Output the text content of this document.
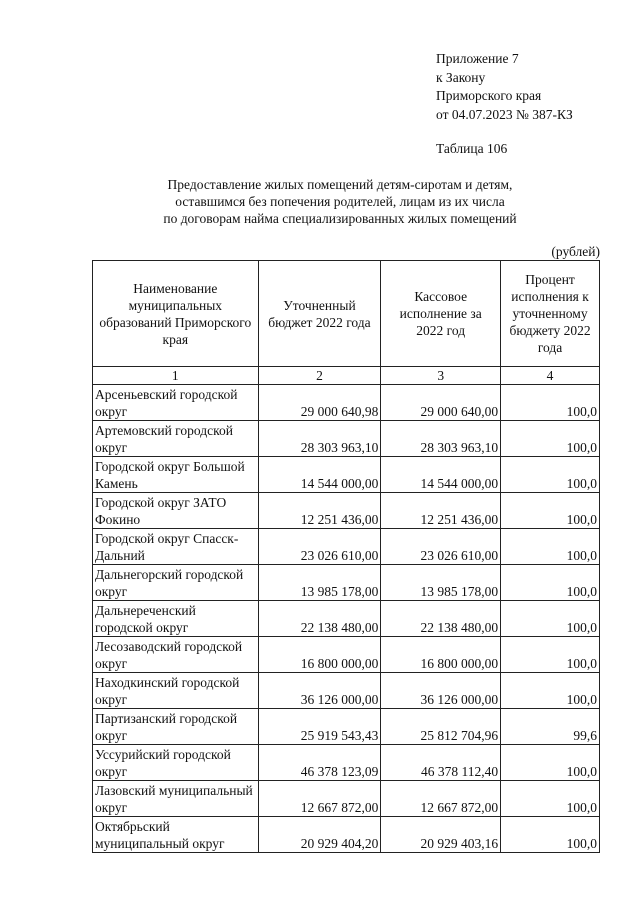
Приложение 7
к Закону
Приморского края
от 04.07.2023 № 387-КЗ
Таблица 106
Предоставление жилых помещений детям-сиротам и детям,
оставшимся без попечения родителей, лицам из их числа
по договорам найма специализированных жилых помещений
(рублей)
Наименование муниципальных образований Приморского края	Уточненный бюджет 2022 года	Кассовое исполнение за 2022 год	Процент исполнения к уточненному бюджету 2022 года
1	2	3	4
Арсеньевский городской округ	29 000 640,98	29 000 640,00	100,0
Артемовский городской округ	28 303 963,10	28 303 963,10	100,0
Городской округ Большой Камень	14 544 000,00	14 544 000,00	100,0
Городской округ ЗАТО Фокино	12 251 436,00	12 251 436,00	100,0
Городской округ Спасск-Дальний	23 026 610,00	23 026 610,00	100,0
Дальнегорский городской округ	13 985 178,00	13 985 178,00	100,0
Дальнереченский городской округ	22 138 480,00	22 138 480,00	100,0
Лесозаводский городской округ	16 800 000,00	16 800 000,00	100,0
Находкинский городской округ	36 126 000,00	36 126 000,00	100,0
Партизанский городской округ	25 919 543,43	25 812 704,96	99,6
Уссурийский городской округ	46 378 123,09	46 378 112,40	100,0
Лазовский муниципальный округ	12 667 872,00	12 667 872,00	100,0
Октябрьский муниципальный округ	20 929 404,20	20 929 403,16	100,0
